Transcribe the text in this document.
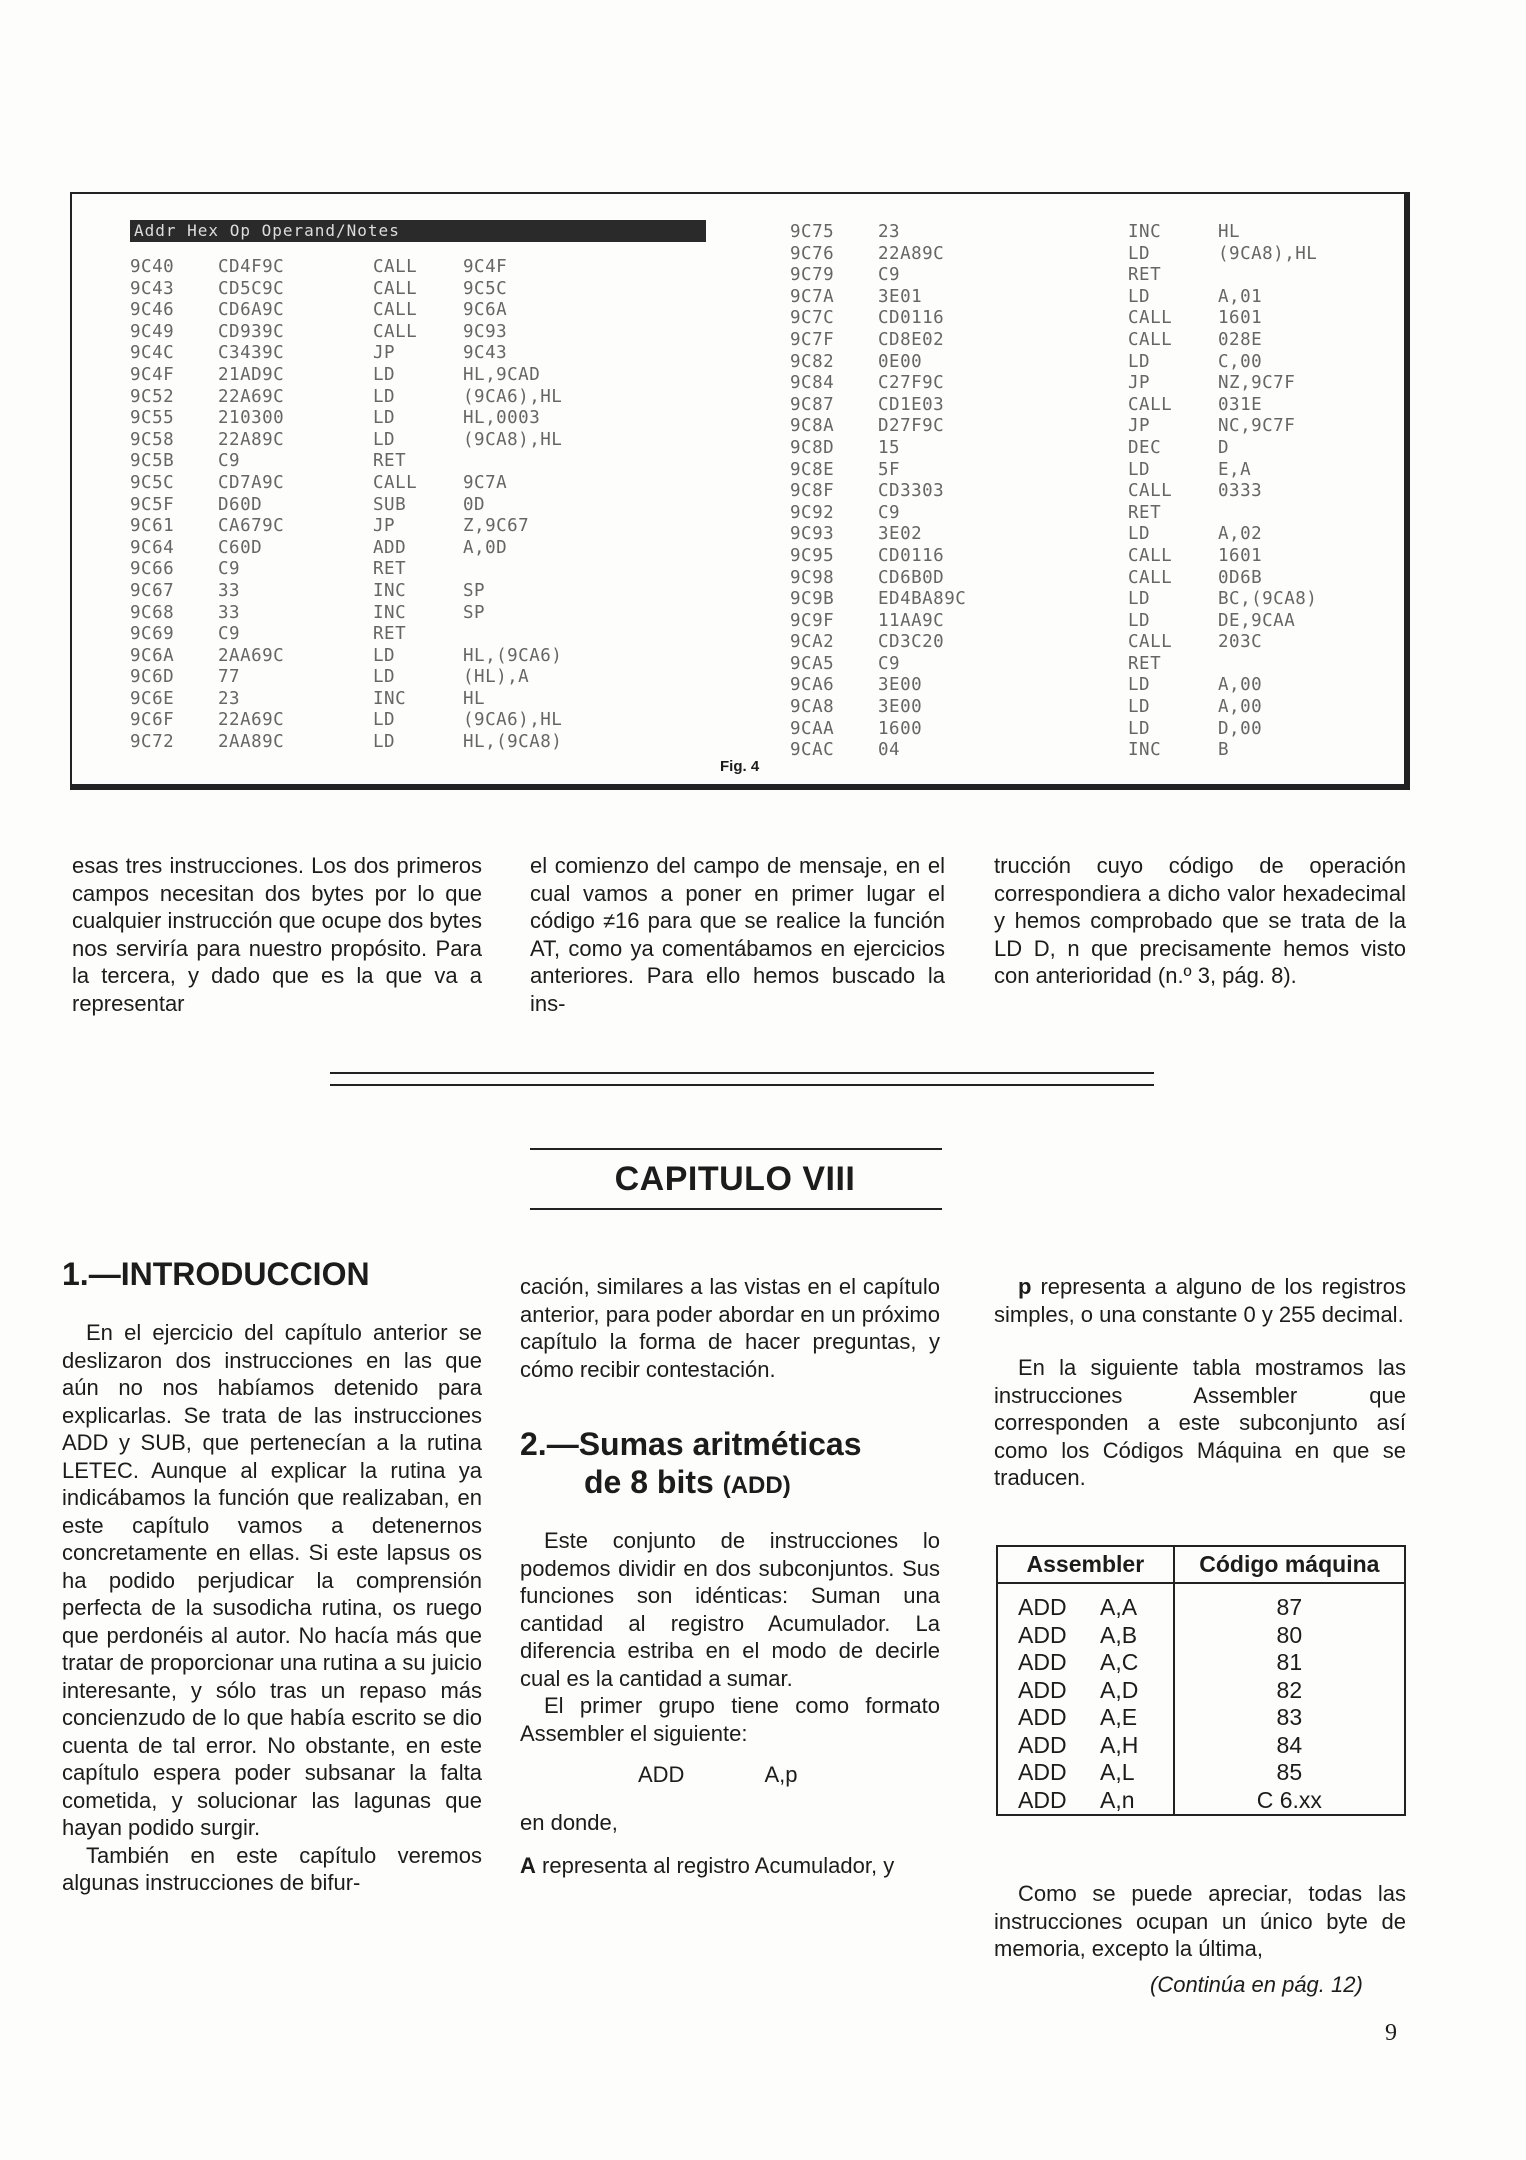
Addr Hex Op Operand/Notes
9C40	CD4F9C	CALL	9C4F
9C43	CD5C9C	CALL	9C5C
9C46	CD6A9C	CALL	9C6A
9C49	CD939C	CALL	9C93
9C4C	C3439C	JP	9C43
9C4F	21AD9C	LD	HL,9CAD
9C52	22A69C	LD	(9CA6),HL
9C55	210300	LD	HL,0003
9C58	22A89C	LD	(9CA8),HL
9C5B	C9	RET
9C5C	CD7A9C	CALL	9C7A
9C5F	D60D	SUB	0D
9C61	CA679C	JP	Z,9C67
9C64	C60D	ADD	A,0D
9C66	C9	RET
9C67	33	INC	SP
9C68	33	INC	SP
9C69	C9	RET
9C6A	2AA69C	LD	HL,(9CA6)
9C6D	77	LD	(HL),A
9C6E	23	INC	HL
9C6F	22A69C	LD	(9CA6),HL
9C72	2AA89C	LD	HL,(9CA8)
9C75	23	INC	HL
9C76	22A89C	LD	(9CA8),HL
9C79	C9	RET
9C7A	3E01	LD	A,01
9C7C	CD0116	CALL	1601
9C7F	CD8E02	CALL	028E
9C82	0E00	LD	C,00
9C84	C27F9C	JP	NZ,9C7F
9C87	CD1E03	CALL	031E
9C8A	D27F9C	JP	NC,9C7F
9C8D	15	DEC	D
9C8E	5F	LD	E,A
9C8F	CD3303	CALL	0333
9C92	C9	RET
9C93	3E02	LD	A,02
9C95	CD0116	CALL	1601
9C98	CD6B0D	CALL	0D6B
9C9B	ED4BA89C	LD	BC,(9CA8)
9C9F	11AA9C	LD	DE,9CAA
9CA2	CD3C20	CALL	203C
9CA5	C9	RET
9CA6	3E00	LD	A,00
9CA8	3E00	LD	A,00
9CAA	1600	LD	D,00
9CAC	04	INC	B
Fig. 4

esas tres instrucciones. Los dos primeros campos necesitan dos bytes por lo que cualquier instrucción que ocupe dos bytes nos serviría para nuestro propósito. Para la tercera, y dado que es la que va a representar

el comienzo del campo de mensaje, en el cual vamos a poner en primer lugar el código ≠16 para que se realice la función AT, como ya comentábamos en ejercicios anteriores. Para ello hemos buscado la ins-

trucción cuyo código de operación correspondiera a dicho valor hexadecimal y hemos comprobado que se trata de la LD D, n que precisamente hemos visto con anterioridad (n.º 3, pág. 8).

CAPITULO VIII
1.—INTRODUCCION

En el ejercicio del capítulo anterior se deslizaron dos instrucciones en las que aún no nos habíamos detenido para explicarlas. Se trata de las instrucciones ADD y SUB, que pertenecían a la rutina LETEC. Aunque al explicar la rutina ya indicábamos la función que realizaban, en este capítulo vamos a detenernos concretamente en ellas. Si este lapsus os ha podido perjudicar la comprensión perfecta de la susodicha rutina, os ruego que perdonéis al autor. No hacía más que tratar de proporcionar una rutina a su juicio interesante, y sólo tras un repaso más concienzudo de lo que había escrito se dio cuenta de tal error. No obstante, en este capítulo espera poder subsanar la falta cometida, y solucionar las lagunas que hayan podido surgir.

También en este capítulo veremos algunas instrucciones de bifur-

cación, similares a las vistas en el capítulo anterior, para poder abordar en un próximo capítulo la forma de hacer preguntas, y cómo recibir contestación.

2.—Sumas aritméticas
de 8 bits (ADD)

Este conjunto de instrucciones lo podemos dividir en dos subconjuntos. Sus funciones son idénticas: Suman una cantidad al registro Acumulador. La diferencia estriba en el modo de decirle cual es la cantidad a sumar.

El primer grupo tiene como formato Assembler el siguiente:

ADD	A,p

en donde,

A representa al registro Acumulador, y

p representa a alguno de los registros simples, o una constante 0 y 255 decimal.

En la siguiente tabla mostramos las instrucciones Assembler que corresponden a este subconjunto así como los Códigos Máquina en que se traducen.

Assembler	Código máquina
ADD A,A	87
ADD A,B	80
ADD A,C	81
ADD A,D	82
ADD A,E	83
ADD A,H	84
ADD A,L	85
ADD A,n	C 6.xx

Como se puede apreciar, todas las instrucciones ocupan un único byte de memoria, excepto la última,

(Continúa en pág. 12)
9
